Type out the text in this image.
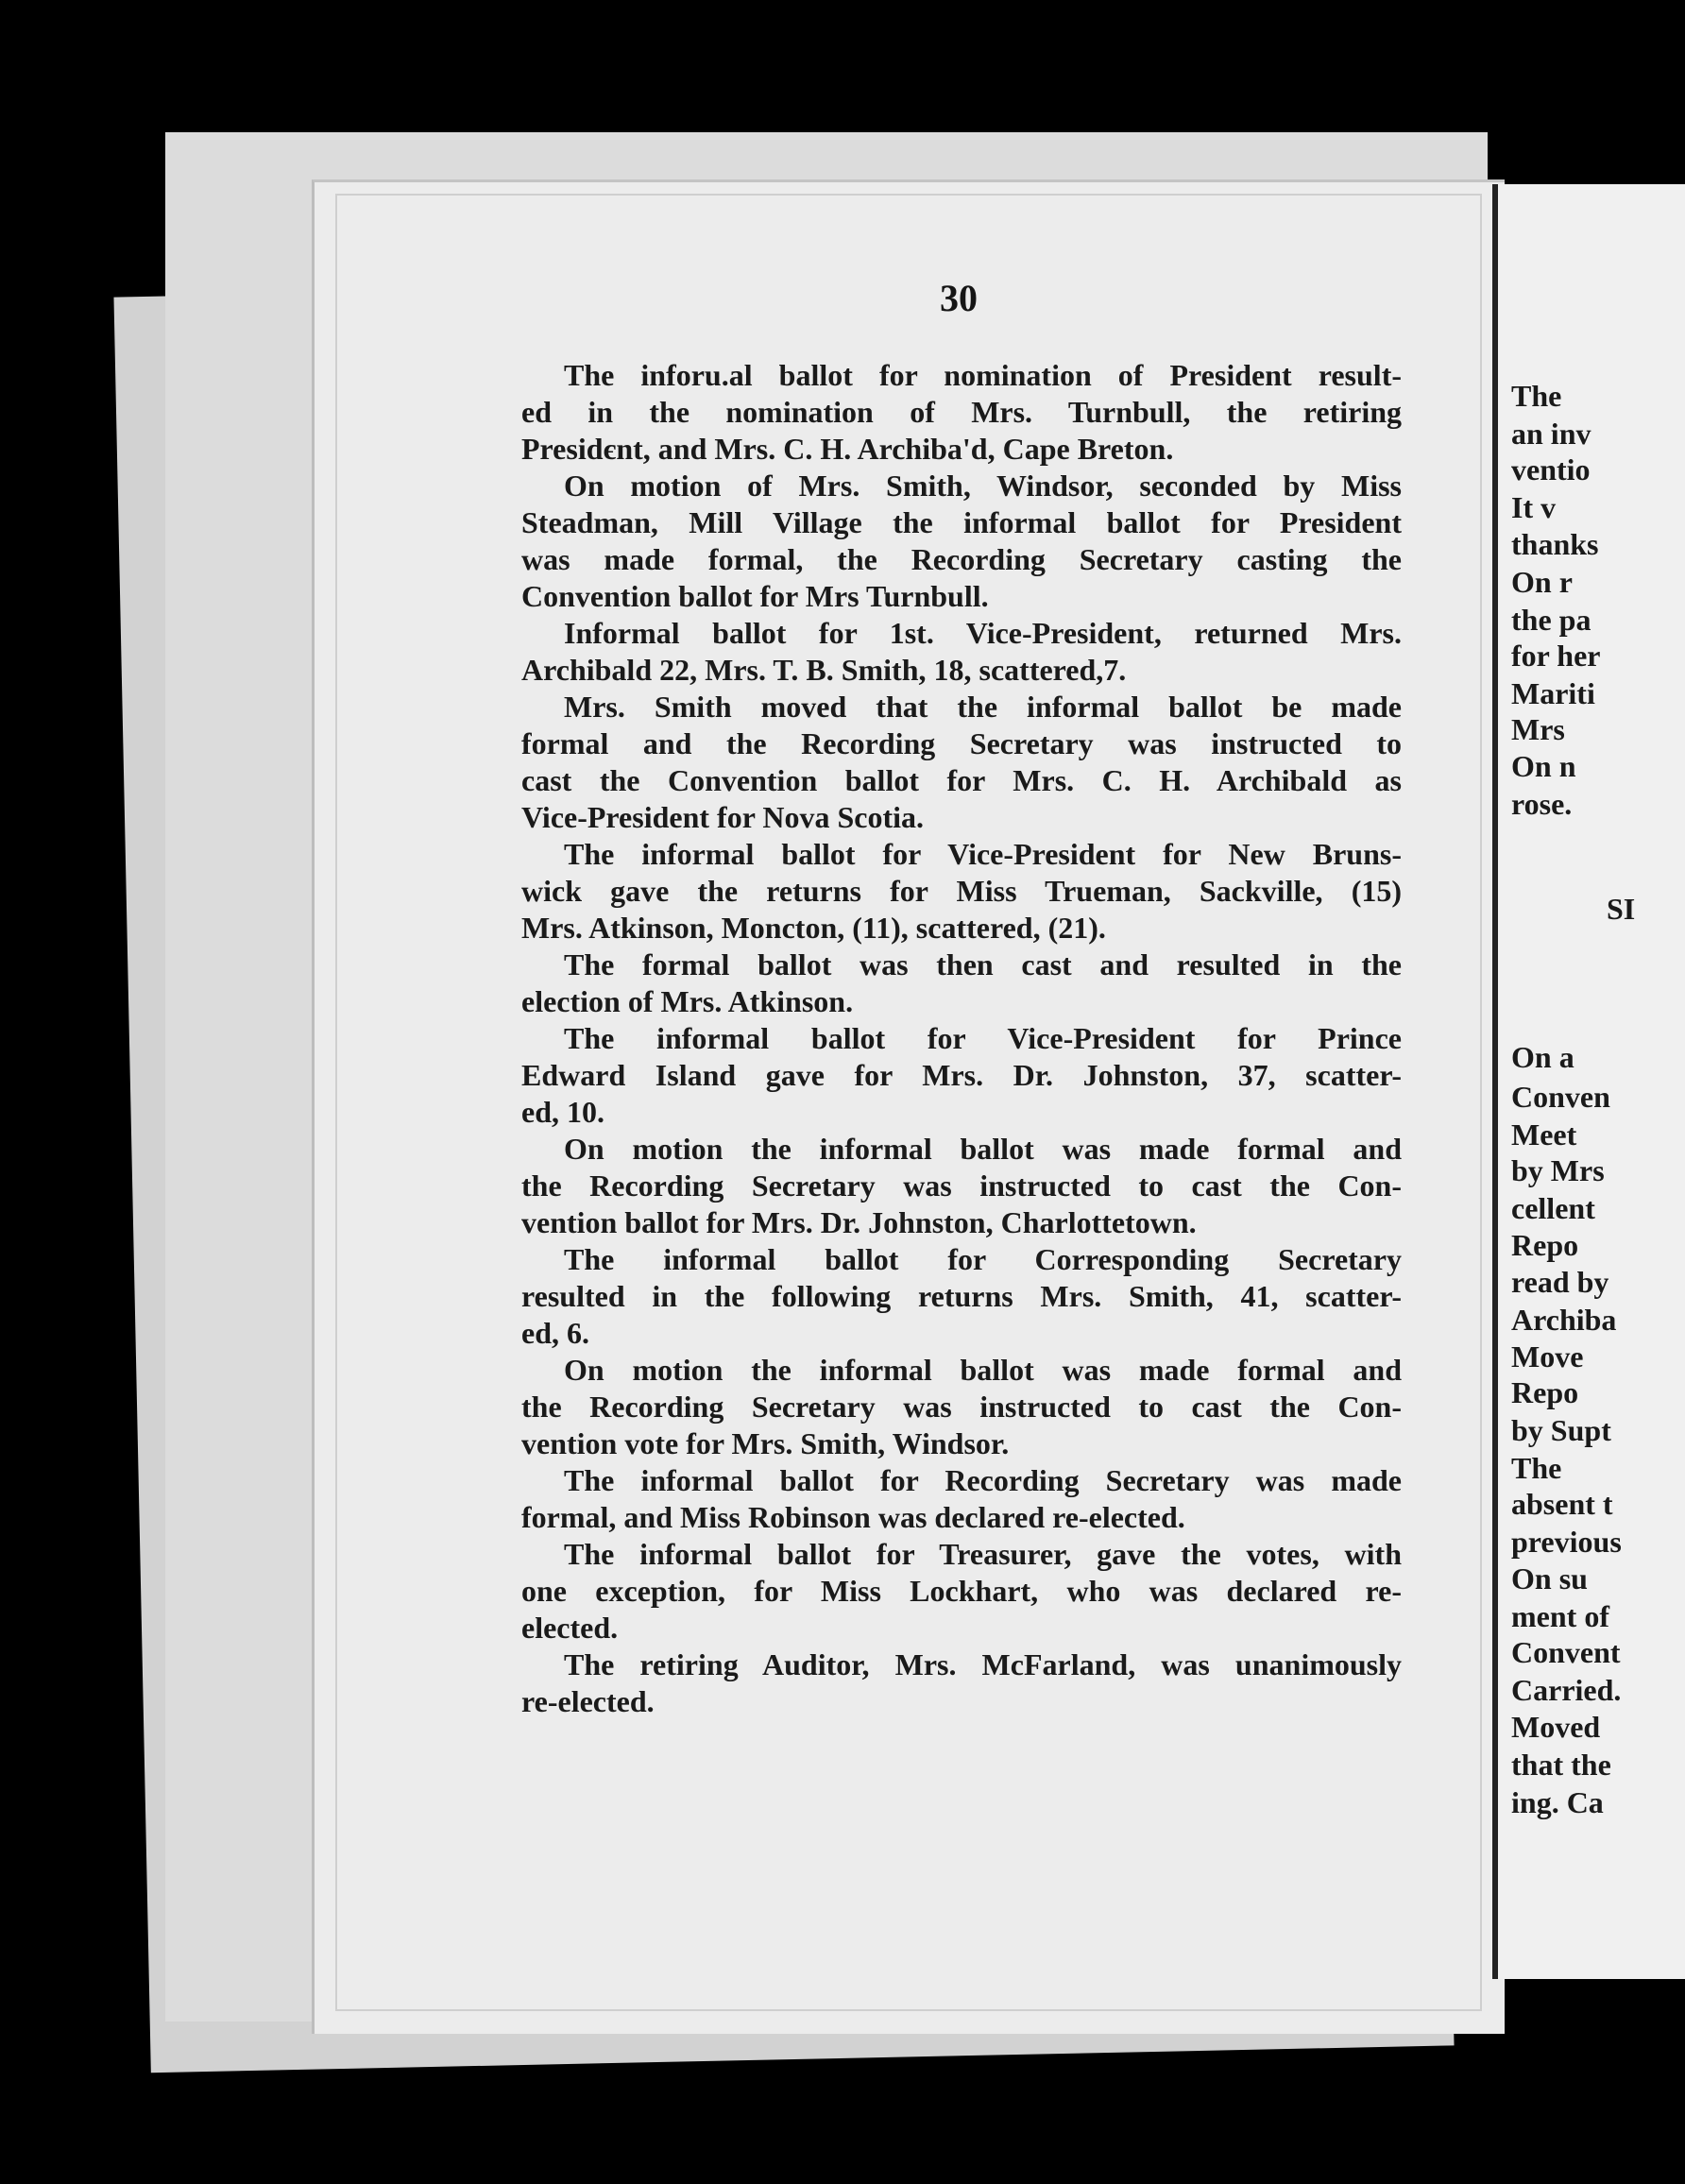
30
The inforu.al ballot for nomination of President result-
ed in the nomination of Mrs. Turnbull, the retiring
Presidєnt, and Mrs. C. H. Archiba'd, Cape Breton.
On motion of Mrs. Smith, Windsor, seconded by Miss
Steadman, Mill Village the informal ballot for President
was made formal, the Recording Secretary casting the
Convention ballot for Mrs Turnbull.
Informal ballot for 1st. Vice-President, returned Mrs.
Archibald 22, Mrs. T. B. Smith, 18, scattered,7.
Mrs. Smith moved that the informal ballot be made
formal and the Recording Secretary was instructed to
cast the Convention ballot for Mrs. C. H. Archibald as
Vice-President for Nova Scotia.
The informal ballot for Vice-President for New Bruns-
wick gave the returns for Miss Trueman, Sackville, (15)
Mrs. Atkinson, Moncton, (11), scattered, (21).
The formal ballot was then cast and resulted in the
election of Mrs. Atkinson.
The informal ballot for Vice-President for Prince
Edward Island gave for Mrs. Dr. Johnston, 37, scatter-
ed, 10.
On motion the informal ballot was made formal and
the Recording Secretary was instructed to cast the Con-
vention ballot for Mrs. Dr. Johnston, Charlottetown.
The informal ballot for Corresponding Secretary
resulted in the following returns Mrs. Smith, 41, scatter-
ed, 6.
On motion the informal ballot was made formal and
the Recording Secretary was instructed to cast the Con-
vention vote for Mrs. Smith, Windsor.
The informal ballot for Recording Secretary was made
formal, and Miss Robinson was declared re-elected.
The informal ballot for Treasurer, gave the votes, with
one exception, for Miss Lockhart, who was declared re-
elected.
The retiring Auditor, Mrs. McFarland, was unanimously
re-elected.
The
an inv
ventio
It v
thanks
On r
the pa
for her
Mariti
Mrs
On n
rose.
SI
On a
Conven
Meet
by Mrs
cellent
Repo
read by
Archiba
Move
Repo
by Supt
The
absent t
previous
On su
ment of
Convent
Carried.
Moved
that the
ing. Ca
